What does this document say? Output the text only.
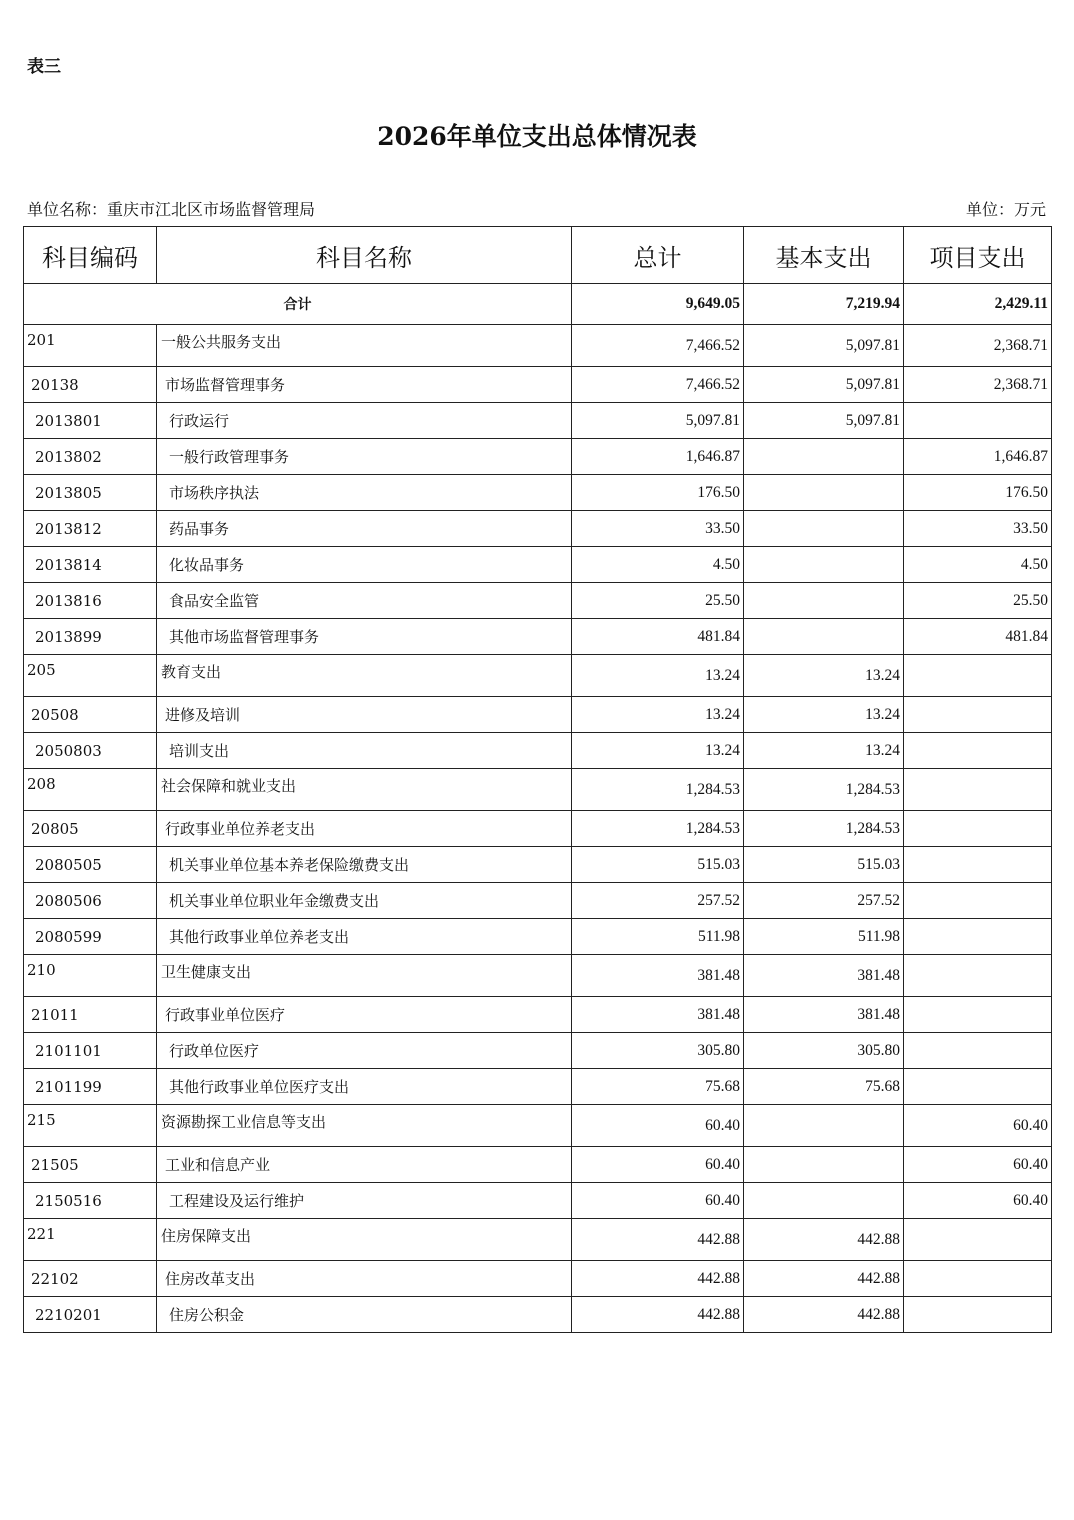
表三
2026年单位支出总体情况表
单位名称：重庆市江北区市场监督管理局	单位：万元
科目编码	科目名称	总计	基本支出	项目支出
合计		9,649.05	7,219.94	2,429.11
201	一般公共服务支出	7,466.52	5,097.81	2,368.71
20138	市场监督管理事务	7,466.52	5,097.81	2,368.71
2013801	行政运行	5,097.81	5,097.81	
2013802	一般行政管理事务	1,646.87		1,646.87
2013805	市场秩序执法	176.50		176.50
2013812	药品事务	33.50		33.50
2013814	化妆品事务	4.50		4.50
2013816	食品安全监管	25.50		25.50
2013899	其他市场监督管理事务	481.84		481.84
205	教育支出	13.24	13.24	
20508	进修及培训	13.24	13.24	
2050803	培训支出	13.24	13.24	
208	社会保障和就业支出	1,284.53	1,284.53	
20805	行政事业单位养老支出	1,284.53	1,284.53	
2080505	机关事业单位基本养老保险缴费支出	515.03	515.03	
2080506	机关事业单位职业年金缴费支出	257.52	257.52	
2080599	其他行政事业单位养老支出	511.98	511.98	
210	卫生健康支出	381.48	381.48	
21011	行政事业单位医疗	381.48	381.48	
2101101	行政单位医疗	305.80	305.80	
2101199	其他行政事业单位医疗支出	75.68	75.68	
215	资源勘探工业信息等支出	60.40		60.40
21505	工业和信息产业	60.40		60.40
2150516	工程建设及运行维护	60.40		60.40
221	住房保障支出	442.88	442.88	
22102	住房改革支出	442.88	442.88	
2210201	住房公积金	442.88	442.88	
